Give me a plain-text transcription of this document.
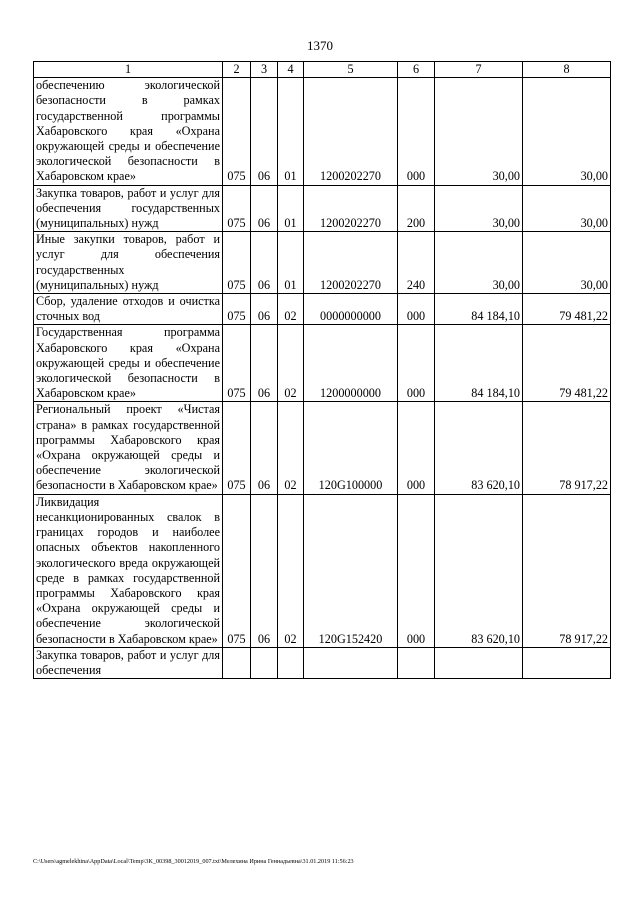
1370
1	2	3	4	5	6	7	8
обеспечению экологической безопасности в рамках государственной программы Хабаровского края «Охрана окружающей среды и обеспечение экологической безопасности в Хабаровском крае»	075	06	01	1200202270	000	30,00	30,00
Закупка товаров, работ и услуг для обеспечения государственных (муниципальных) нужд	075	06	01	1200202270	200	30,00	30,00
Иные закупки товаров, работ и услуг для обеспечения государственных (муниципальных) нужд	075	06	01	1200202270	240	30,00	30,00
Сбор, удаление отходов и очистка сточных вод	075	06	02	0000000000	000	84 184,10	79 481,22
Государственная программа Хабаровского края «Охрана окружающей среды и обеспечение экологической безопасности в Хабаровском крае»	075	06	02	1200000000	000	84 184,10	79 481,22
Региональный проект «Чистая страна» в рамках государственной программы Хабаровского края «Охрана окружающей среды и обеспечение экологической безопасности в Хабаровском крае»	075	06	02	120G100000	000	83 620,10	78 917,22
Ликвидация несанкционированных свалок в границах городов и наиболее опасных объектов накопленного экологического вреда окружающей среде в рамках государственной программы Хабаровского края «Охрана окружающей среды и обеспечение экологической безопасности в Хабаровском крае»	075	06	02	120G152420	000	83 620,10	78 917,22
Закупка товаров, работ и услуг для обеспечения							
C:\Users\agmelekhina\AppData\Local\Temp\3K_00398_30012019_007.txt\Мелехина Ирина Геннадьевна\31.01.2019 11:56:23
